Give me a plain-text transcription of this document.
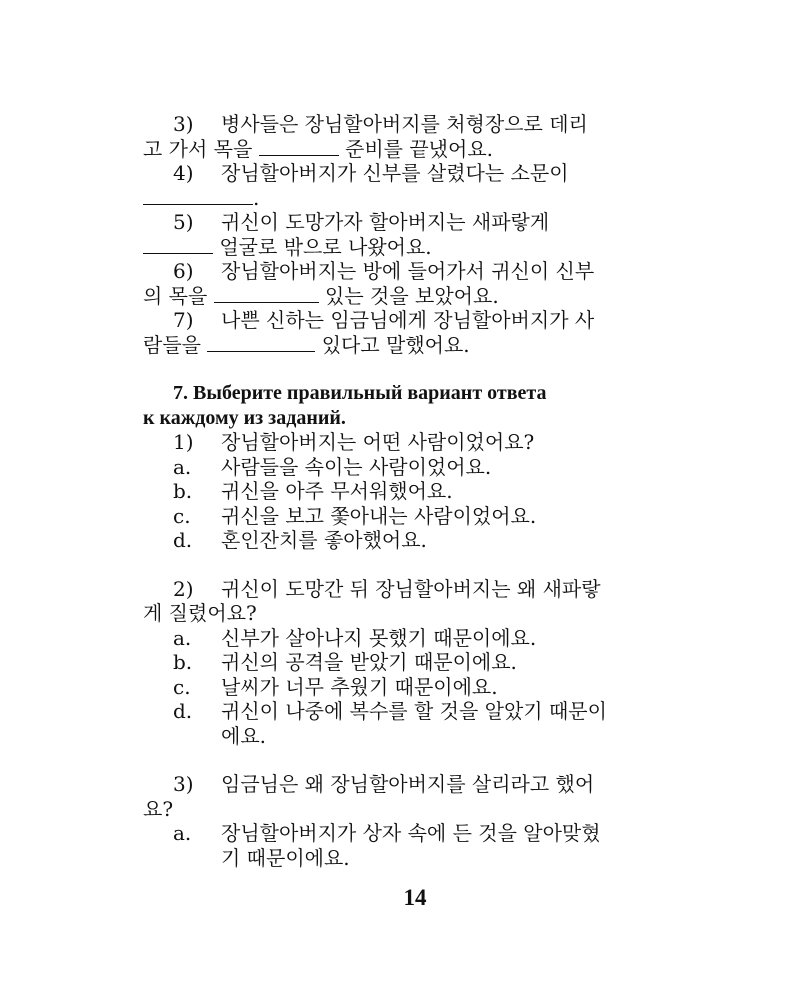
3) 병사들은 장님할아버지를 처형장으로 데리
고 가서 목을	준비를 끝냈어요.
4) 장님할아버지가 신부를 살렸다는 소문이
.
5) 귀신이 도망가자 할아버지는 새파랗게
얼굴로 밖으로 나왔어요.
6) 장님할아버지는 방에 들어가서 귀신이 신부
의 목을	있는 것을 보았어요.
7) 나쁜 신하는 임금님에게 장님할아버지가 사
람들을	있다고 말했어요.
7. Выберите правильный вариант ответа
к каждому из заданий.
1) 장님할아버지는 어떤 사람이었어요?
a. 사람들을 속이는 사람이었어요.
b. 귀신을 아주 무서워했어요.
c. 귀신을 보고 쫓아내는 사람이었어요.
d. 혼인잔치를 좋아했어요.
2) 귀신이 도망간 뒤 장님할아버지는 왜 새파랗
게 질렸어요?
a. 신부가 살아나지 못했기 때문이에요.
b. 귀신의 공격을 받았기 때문이에요.
c. 날씨가 너무 추웠기 때문이에요.
d. 귀신이 나중에 복수를 할 것을 알았기 때문이
에요.
3) 임금님은 왜 장님할아버지를 살리라고 했어
요?
a. 장님할아버지가 상자 속에 든 것을 알아맞혔
기 때문이에요.
14
